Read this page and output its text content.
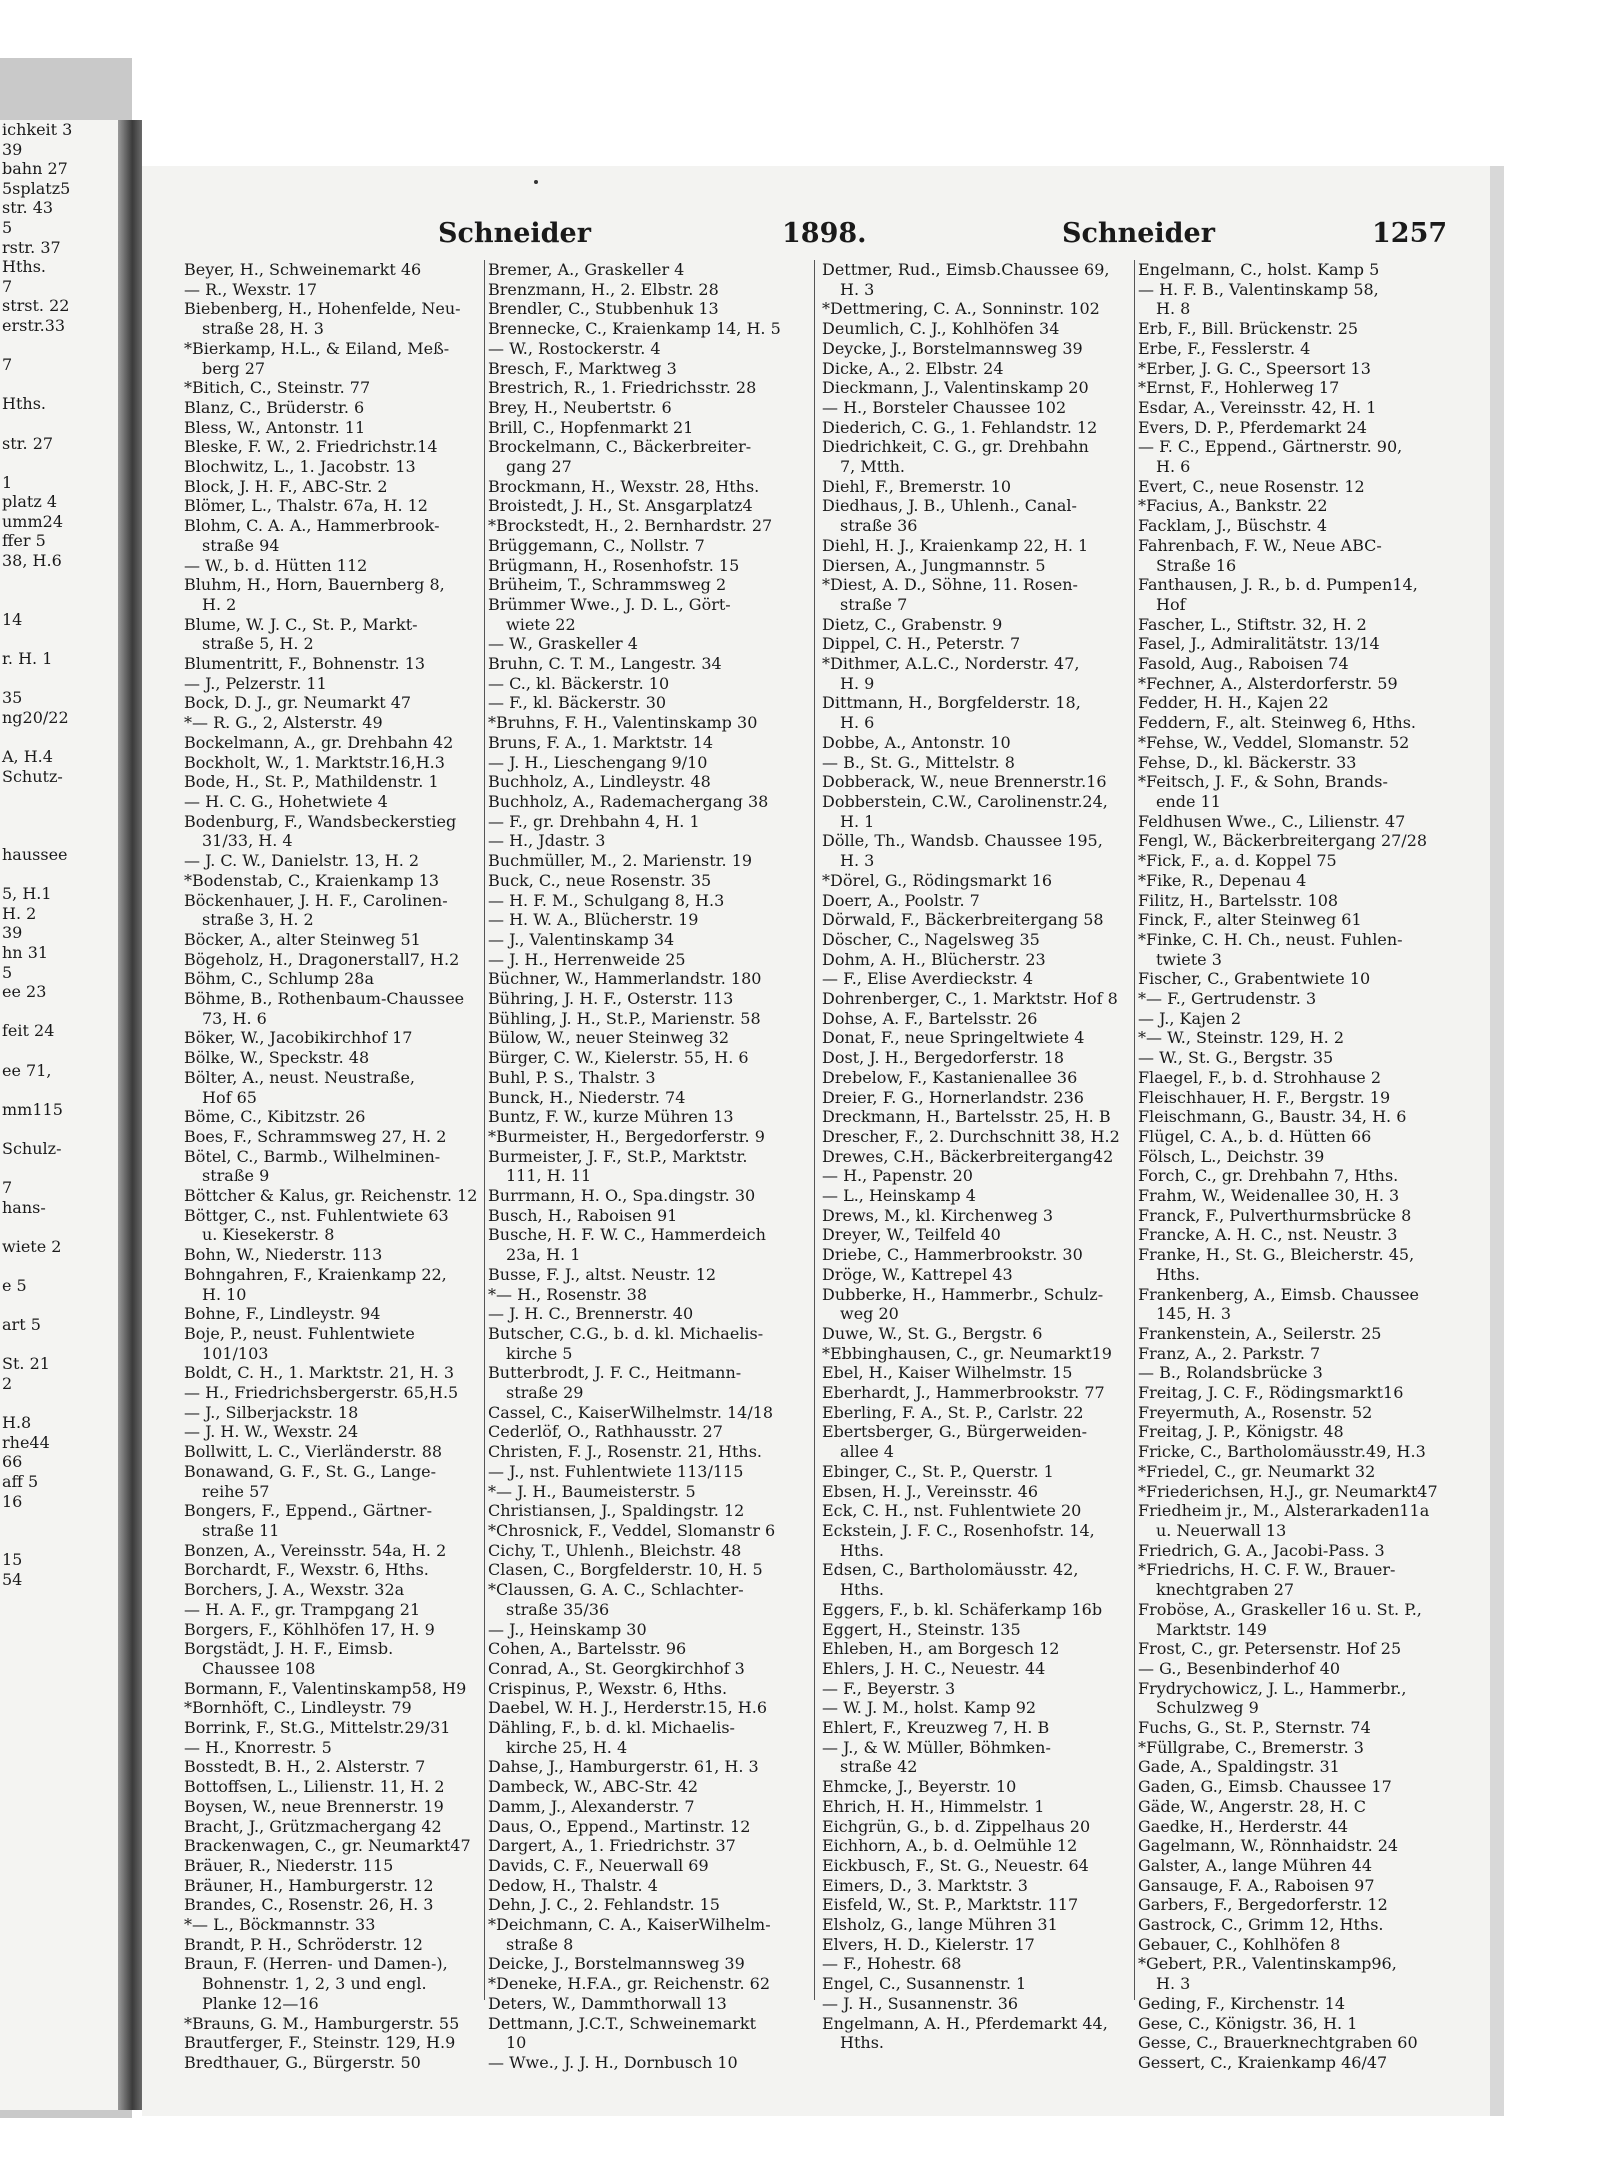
ichkeit 3
39
bahn 27
5splatz5
str. 43
5
rstr. 37
Hths.
7
strst. 22
erstr.33

7

Hths.

str. 27

1
platz 4
umm24
ffer 5
38, H.6

14

r. H. 1

35
ng20/22

A, H.4
Schutz-

haussee

5, H.1
H. 2
39
hn 31
5
ee 23

feit 24

ee 71,

mm115

Schulz-

7
hans-

wiete 2

e 5

art 5

St. 21
2

H.8
rhe44
66
aff 5
16

15
54
Schneider	1898.	Schneider	1257
Beyer, H., Schweinemarkt 46
— R., Wexstr. 17
Biebenberg, H., Hohenfelde, Neu-
straße 28, H. 3
*Bierkamp, H.L., & Eiland, Meß-
berg 27
*Bitich, C., Steinstr. 77
Blanz, C., Brüderstr. 6
Bless, W., Antonstr. 11
Bleske, F. W., 2. Friedrichstr.14
Blochwitz, L., 1. Jacobstr. 13
Block, J. H. F., ABC-Str. 2
Blömer, L., Thalstr. 67a, H. 12
Blohm, C. A. A., Hammerbrook-
straße 94
— W., b. d. Hütten 112
Bluhm, H., Horn, Bauernberg 8,
H. 2
Blume, W. J. C., St. P., Markt-
straße 5, H. 2
Blumentritt, F., Bohnenstr. 13
— J., Pelzerstr. 11
Bock, D. J., gr. Neumarkt 47
*— R. G., 2, Alsterstr. 49
Bockelmann, A., gr. Drehbahn 42
Bockholt, W., 1. Marktstr.16,H.3
Bode, H., St. P., Mathildenstr. 1
— H. C. G., Hohetwiete 4
Bodenburg, F., Wandsbeckerstieg
31/33, H. 4
— J. C. W., Danielstr. 13, H. 2
*Bodenstab, C., Kraienkamp 13
Böckenhauer, J. H. F., Carolinen-
straße 3, H. 2
Böcker, A., alter Steinweg 51
Bögeholz, H., Dragonerstall7, H.2
Böhm, C., Schlump 28a
Böhme, B., Rothenbaum-Chaussee
73, H. 6
Böker, W., Jacobikirchhof 17
Bölke, W., Speckstr. 48
Bölter, A., neust. Neustraße,
Hof 65
Böme, C., Kibitzstr. 26
Boes, F., Schrammsweg 27, H. 2
Bötel, C., Barmb., Wilhelminen-
straße 9
Böttcher & Kalus, gr. Reichenstr. 12
Böttger, C., nst. Fuhlentwiete 63
u. Kiesekerstr. 8
Bohn, W., Niederstr. 113
Bohngahren, F., Kraienkamp 22,
H. 10
Bohne, F., Lindleystr. 94
Boje, P., neust. Fuhlentwiete
101/103
Boldt, C. H., 1. Marktstr. 21, H. 3
— H., Friedrichsbergerstr. 65,H.5
— J., Silberjackstr. 18
— J. H. W., Wexstr. 24
Bollwitt, L. C., Vierländerstr. 88
Bonawand, G. F., St. G., Lange-
reihe 57
Bongers, F., Eppend., Gärtner-
straße 11
Bonzen, A., Vereinsstr. 54a, H. 2
Borchardt, F., Wexstr. 6, Hths.
Borchers, J. A., Wexstr. 32a
— H. A. F., gr. Trampgang 21
Borgers, F., Köhlhöfen 17, H. 9
Borgstädt, J. H. F., Eimsb.
Chaussee 108
Bormann, F., Valentinskamp58, H9
*Bornhöft, C., Lindleystr. 79
Borrink, F., St.G., Mittelstr.29/31
— H., Knorrestr. 5
Bosstedt, B. H., 2. Alsterstr. 7
Bottoffsen, L., Lilienstr. 11, H. 2
Boysen, W., neue Brennerstr. 19
Bracht, J., Grützmachergang 42
Brackenwagen, C., gr. Neumarkt47
Bräuer, R., Niederstr. 115
Bräuner, H., Hamburgerstr. 12
Brandes, C., Rosenstr. 26, H. 3
*— L., Böckmannstr. 33
Brandt, P. H., Schröderstr. 12
Braun, F. (Herren- und Damen-),
Bohnenstr. 1, 2, 3 und engl.
Planke 12—16
*Brauns, G. M., Hamburgerstr. 55
Brautferger, F., Steinstr. 129, H.9
Bredthauer, G., Bürgerstr. 50
Bremer, A., Graskeller 4
Brenzmann, H., 2. Elbstr. 28
Brendler, C., Stubbenhuk 13
Brennecke, C., Kraienkamp 14, H. 5
— W., Rostockerstr. 4
Bresch, F., Marktweg 3
Brestrich, R., 1. Friedrichsstr. 28
Brey, H., Neubertstr. 6
Brill, C., Hopfenmarkt 21
Brockelmann, C., Bäckerbreiter-
gang 27
Brockmann, H., Wexstr. 28, Hths.
Broistedt, J. H., St. Ansgarplatz4
*Brockstedt, H., 2. Bernhardstr. 27
Brüggemann, C., Nollstr. 7
Brügmann, H., Rosenhofstr. 15
Brüheim, T., Schrammsweg 2
Brümmer Wwe., J. D. L., Gört-
wiete 22
— W., Graskeller 4
Bruhn, C. T. M., Langestr. 34
— C., kl. Bäckerstr. 10
— F., kl. Bäckerstr. 30
*Bruhns, F. H., Valentinskamp 30
Bruns, F. A., 1. Marktstr. 14
— J. H., Lieschengang 9/10
Buchholz, A., Lindleystr. 48
Buchholz, A., Rademachergang 38
— F., gr. Drehbahn 4, H. 1
— H., Jdastr. 3
Buchmüller, M., 2. Marienstr. 19
Buck, C., neue Rosenstr. 35
— H. F. M., Schulgang 8, H.3
— H. W. A., Blücherstr. 19
— J., Valentinskamp 34
— J. H., Herrenweide 25
Büchner, W., Hammerlandstr. 180
Bühring, J. H. F., Osterstr. 113
Bühling, J. H., St.P., Marienstr. 58
Bülow, W., neuer Steinweg 32
Bürger, C. W., Kielerstr. 55, H. 6
Buhl, P. S., Thalstr. 3
Bunck, H., Niederstr. 74
Buntz, F. W., kurze Mühren 13
*Burmeister, H., Bergedorferstr. 9
Burmeister, J. F., St.P., Marktstr.
111, H. 11
Burrmann, H. O., Spa.dingstr. 30
Busch, H., Raboisen 91
Busche, H. F. W. C., Hammerdeich
23a, H. 1
Busse, F. J., altst. Neustr. 12
*— H., Rosenstr. 38
— J. H. C., Brennerstr. 40
Butscher, C.G., b. d. kl. Michaelis-
kirche 5
Butterbrodt, J. F. C., Heitmann-
straße 29
Cassel, C., KaiserWilhelmstr. 14/18
Cederlöf, O., Rathhausstr. 27
Christen, F. J., Rosenstr. 21, Hths.
— J., nst. Fuhlentwiete 113/115
*— J. H., Baumeisterstr. 5
Christiansen, J., Spaldingstr. 12
*Chrosnick, F., Veddel, Slomanstr 6
Cichy, T., Uhlenh., Bleichstr. 48
Clasen, C., Borgfelderstr. 10, H. 5
*Claussen, G. A. C., Schlachter-
straße 35/36
— J., Heinskamp 30
Cohen, A., Bartelsstr. 96
Conrad, A., St. Georgkirchhof 3
Crispinus, P., Wexstr. 6, Hths.
Daebel, W. H. J., Herderstr.15, H.6
Dähling, F., b. d. kl. Michaelis-
kirche 25, H. 4
Dahse, J., Hamburgerstr. 61, H. 3
Dambeck, W., ABC-Str. 42
Damm, J., Alexanderstr. 7
Daus, O., Eppend., Martinstr. 12
Dargert, A., 1. Friedrichstr. 37
Davids, C. F., Neuerwall 69
Dedow, H., Thalstr. 4
Dehn, J. C., 2. Fehlandstr. 15
*Deichmann, C. A., KaiserWilhelm-
straße 8
Deicke, J., Borstelmannsweg 39
*Deneke, H.F.A., gr. Reichenstr. 62
Deters, W., Dammthorwall 13
Dettmann, J.C.T., Schweinemarkt
10
— Wwe., J. J. H., Dornbusch 10
Dettmer, Rud., Eimsb.Chaussee 69,
H. 3
*Dettmering, C. A., Sonninstr. 102
Deumlich, C. J., Kohlhöfen 34
Deycke, J., Borstelmannsweg 39
Dicke, A., 2. Elbstr. 24
Dieckmann, J., Valentinskamp 20
— H., Borsteler Chaussee 102
Diederich, C. G., 1. Fehlandstr. 12
Diedrichkeit, C. G., gr. Drehbahn
7, Mtth.
Diehl, F., Bremerstr. 10
Diedhaus, J. B., Uhlenh., Canal-
straße 36
Diehl, H. J., Kraienkamp 22, H. 1
Diersen, A., Jungmannstr. 5
*Diest, A. D., Söhne, 11. Rosen-
straße 7
Dietz, C., Grabenstr. 9
Dippel, C. H., Peterstr. 7
*Dithmer, A.L.C., Norderstr. 47,
H. 9
Dittmann, H., Borgfelderstr. 18,
H. 6
Dobbe, A., Antonstr. 10
— B., St. G., Mittelstr. 8
Dobberack, W., neue Brennerstr.16
Dobberstein, C.W., Carolinenstr.24,
H. 1
Dölle, Th., Wandsb. Chaussee 195,
H. 3
*Dörel, G., Rödingsmarkt 16
Doerr, A., Poolstr. 7
Dörwald, F., Bäckerbreitergang 58
Döscher, C., Nagelsweg 35
Dohm, A. H., Blücherstr. 23
— F., Elise Averdieckstr. 4
Dohrenberger, C., 1. Marktstr. Hof 8
Dohse, A. F., Bartelsstr. 26
Donat, F., neue Springeltwiete 4
Dost, J. H., Bergedorferstr. 18
Drebelow, F., Kastanienallee 36
Dreier, F. G., Hornerlandstr. 236
Dreckmann, H., Bartelsstr. 25, H. B
Drescher, F., 2. Durchschnitt 38, H.2
Drewes, C.H., Bäckerbreitergang42
— H., Papenstr. 20
— L., Heinskamp 4
Drews, M., kl. Kirchenweg 3
Dreyer, W., Teilfeld 40
Driebe, C., Hammerbrookstr. 30
Dröge, W., Kattrepel 43
Dubberke, H., Hammerbr., Schulz-
weg 20
Duwe, W., St. G., Bergstr. 6
*Ebbinghausen, C., gr. Neumarkt19
Ebel, H., Kaiser Wilhelmstr. 15
Eberhardt, J., Hammerbrookstr. 77
Eberling, F. A., St. P., Carlstr. 22
Ebertsberger, G., Bürgerweiden-
allee 4
Ebinger, C., St. P., Querstr. 1
Ebsen, H. J., Vereinsstr. 46
Eck, C. H., nst. Fuhlentwiete 20
Eckstein, J. F. C., Rosenhofstr. 14,
Hths.
Edsen, C., Bartholomäusstr. 42,
Hths.
Eggers, F., b. kl. Schäferkamp 16b
Eggert, H., Steinstr. 135
Ehleben, H., am Borgesch 12
Ehlers, J. H. C., Neuestr. 44
— F., Beyerstr. 3
— W. J. M., holst. Kamp 92
Ehlert, F., Kreuzweg 7, H. B
— J., & W. Müller, Böhmken-
straße 42
Ehmcke, J., Beyerstr. 10
Ehrich, H. H., Himmelstr. 1
Eichgrün, G., b. d. Zippelhaus 20
Eichhorn, A., b. d. Oelmühle 12
Eickbusch, F., St. G., Neuestr. 64
Eimers, D., 3. Marktstr. 3
Eisfeld, W., St. P., Marktstr. 117
Elsholz, G., lange Mühren 31
Elvers, H. D., Kielerstr. 17
— F., Hohestr. 68
Engel, C., Susannenstr. 1
— J. H., Susannenstr. 36
Engelmann, A. H., Pferdemarkt 44,
Hths.
Engelmann, C., holst. Kamp 5
— H. F. B., Valentinskamp 58,
H. 8
Erb, F., Bill. Brückenstr. 25
Erbe, F., Fesslerstr. 4
*Erber, J. G. C., Speersort 13
*Ernst, F., Hohlerweg 17
Esdar, A., Vereinsstr. 42, H. 1
Evers, D. P., Pferdemarkt 24
— F. C., Eppend., Gärtnerstr. 90,
H. 6
Evert, C., neue Rosenstr. 12
*Facius, A., Bankstr. 22
Facklam, J., Büschstr. 4
Fahrenbach, F. W., Neue ABC-
Straße 16
Fanthausen, J. R., b. d. Pumpen14,
Hof
Fascher, L., Stiftstr. 32, H. 2
Fasel, J., Admiralitätstr. 13/14
Fasold, Aug., Raboisen 74
*Fechner, A., Alsterdorferstr. 59
Fedder, H. H., Kajen 22
Feddern, F., alt. Steinweg 6, Hths.
*Fehse, W., Veddel, Slomanstr. 52
Fehse, D., kl. Bäckerstr. 33
*Feitsch, J. F., & Sohn, Brands-
ende 11
Feldhusen Wwe., C., Lilienstr. 47
Fengl, W., Bäckerbreitergang 27/28
*Fick, F., a. d. Koppel 75
*Fike, R., Depenau 4
Filitz, H., Bartelsstr. 108
Finck, F., alter Steinweg 61
*Finke, C. H. Ch., neust. Fuhlen-
twiete 3
Fischer, C., Grabentwiete 10
*— F., Gertrudenstr. 3
— J., Kajen 2
*— W., Steinstr. 129, H. 2
— W., St. G., Bergstr. 35
Flaegel, F., b. d. Strohhause 2
Fleischhauer, H. F., Bergstr. 19
Fleischmann, G., Baustr. 34, H. 6
Flügel, C. A., b. d. Hütten 66
Fölsch, L., Deichstr. 39
Forch, C., gr. Drehbahn 7, Hths.
Frahm, W., Weidenallee 30, H. 3
Franck, F., Pulverthurmsbrücke 8
Francke, A. H. C., nst. Neustr. 3
Franke, H., St. G., Bleicherstr. 45,
Hths.
Frankenberg, A., Eimsb. Chaussee
145, H. 3
Frankenstein, A., Seilerstr. 25
Franz, A., 2. Parkstr. 7
— B., Rolandsbrücke 3
Freitag, J. C. F., Rödingsmarkt16
Freyermuth, A., Rosenstr. 52
Freitag, J. P., Königstr. 48
Fricke, C., Bartholomäusstr.49, H.3
*Friedel, C., gr. Neumarkt 32
*Friederichsen, H.J., gr. Neumarkt47
Friedheim jr., M., Alsterarkaden11a
u. Neuerwall 13
Friedrich, G. A., Jacobi-Pass. 3
*Friedrichs, H. C. F. W., Brauer-
knechtgraben 27
Froböse, A., Graskeller 16 u. St. P.,
Marktstr. 149
Frost, C., gr. Petersenstr. Hof 25
— G., Besenbinderhof 40
Frydrychowicz, J. L., Hammerbr.,
Schulzweg 9
Fuchs, G., St. P., Sternstr. 74
*Füllgrabe, C., Bremerstr. 3
Gade, A., Spaldingstr. 31
Gaden, G., Eimsb. Chaussee 17
Gäde, W., Angerstr. 28, H. C
Gaedke, H., Herderstr. 44
Gagelmann, W., Rönnhaidstr. 24
Galster, A., lange Mühren 44
Gansauge, F. A., Raboisen 97
Garbers, F., Bergedorferstr. 12
Gastrock, C., Grimm 12, Hths.
Gebauer, C., Kohlhöfen 8
*Gebert, P.R., Valentinskamp96,
H. 3
Geding, F., Kirchenstr. 14
Gese, C., Königstr. 36, H. 1
Gesse, C., Brauerknechtgraben 60
Gessert, C., Kraienkamp 46/47
